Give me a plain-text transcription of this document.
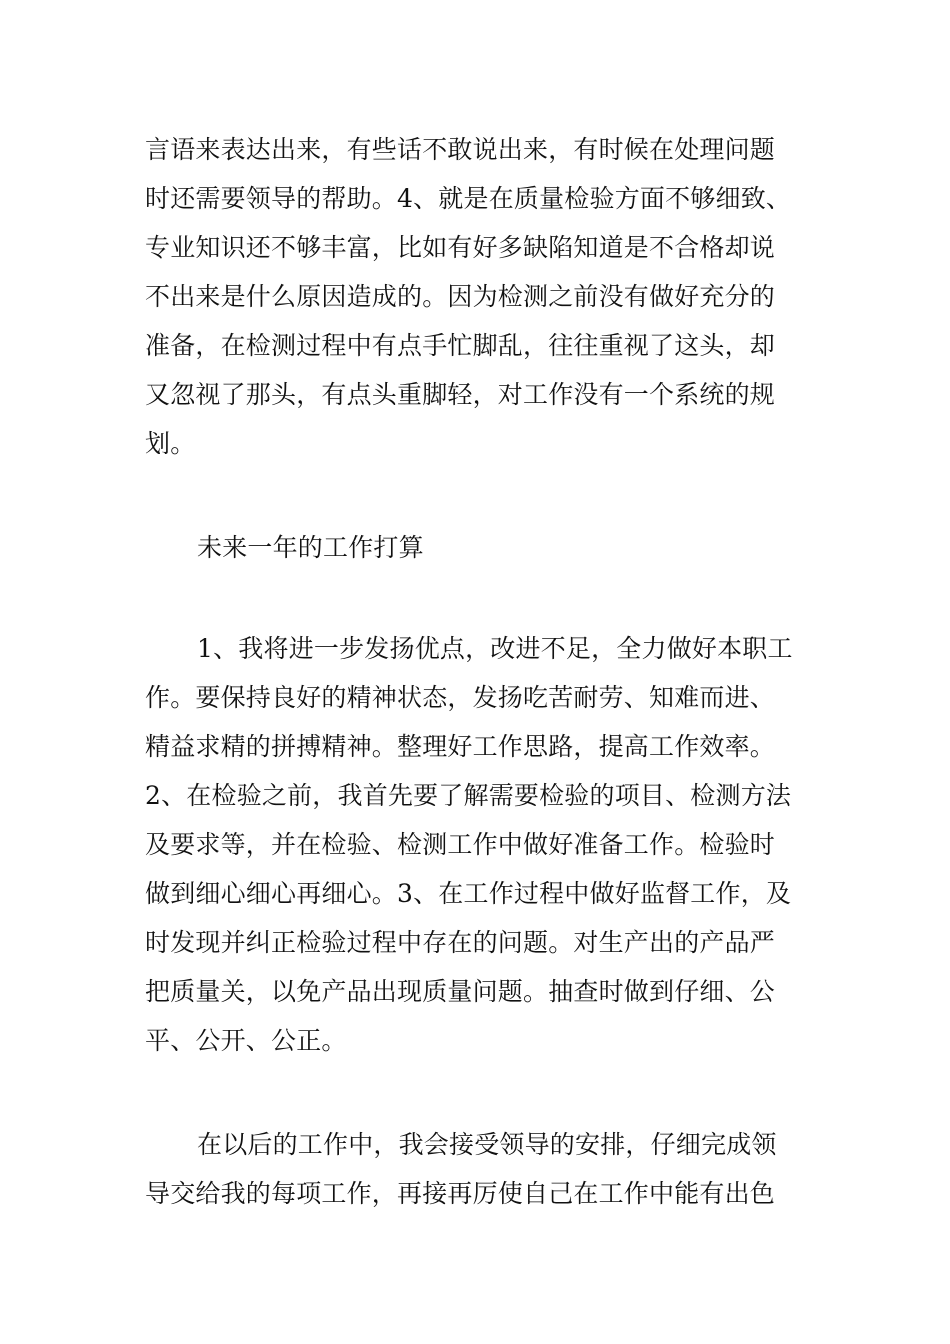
言语来表达出来，有些话不敢说出来，有时候在处理问题
时还需要领导的帮助。4、就是在质量检验方面不够细致、
专业知识还不够丰富，比如有好多缺陷知道是不合格却说
不出来是什么原因造成的。因为检测之前没有做好充分的
准备，在检测过程中有点手忙脚乱，往往重视了这头，却
又忽视了那头，有点头重脚轻，对工作没有一个系统的规
划。
未来一年的工作打算
1、我将进一步发扬优点，改进不足，全力做好本职工
作。要保持良好的精神状态，发扬吃苦耐劳、知难而进、
精益求精的拼搏精神。整理好工作思路，提高工作效率。
2、在检验之前，我首先要了解需要检验的项目、检测方法
及要求等，并在检验、检测工作中做好准备工作。检验时
做到细心细心再细心。3、在工作过程中做好监督工作，及
时发现并纠正检验过程中存在的问题。对生产出的产品严
把质量关，以免产品出现质量问题。抽查时做到仔细、公
平、公开、公正。
在以后的工作中，我会接受领导的安排，仔细完成领
导交给我的每项工作，再接再厉使自己在工作中能有出色
